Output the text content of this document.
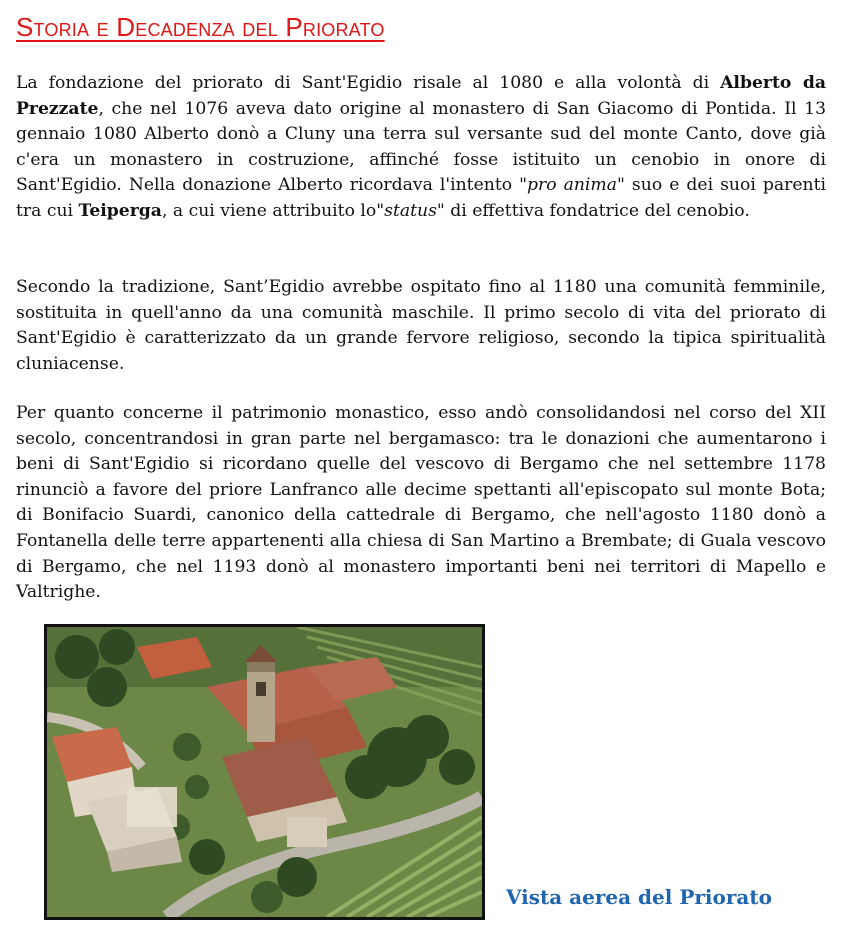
Storia e Decadenza del Priorato

La fondazione del priorato di Sant'Egidio risale al 1080 e alla volontà di Alberto da Prezzate, che nel 1076 aveva dato origine al monastero di San Giacomo di Pontida. Il 13 gennaio 1080 Alberto donò a Cluny una terra sul versante sud del monte Canto, dove già c'era un monastero in costruzione, affinché fosse istituito un cenobio in onore di Sant'Egidio. Nella donazione Alberto ricordava l'intento "pro anima" suo e dei suoi parenti tra cui Teiperga, a cui viene attribuito lo"status" di effettiva fondatrice del cenobio.

Secondo la tradizione, Sant’Egidio avrebbe ospitato fino al 1180 una comunità femminile, sostituita in quell'anno da una comunità maschile. Il primo secolo di vita del priorato di Sant'Egidio è caratterizzato da un grande fervore religioso, secondo la tipica spiritualità cluniacense.

Per quanto concerne il patrimonio monastico, esso andò consolidandosi nel corso del XII secolo, concentrandosi in gran parte nel bergamasco: tra le donazioni che aumentarono i beni di Sant'Egidio si ricordano quelle del vescovo di Bergamo che nel settembre 1178 rinunciò a favore del priore Lanfranco alle decime spettanti all'episcopato sul monte Bota; di Bonifacio Suardi, canonico della cattedrale di Bergamo, che nell'agosto 1180 donò a Fontanella delle terre appartenenti alla chiesa di San Martino a Brembate; di Guala vescovo di Bergamo, che nel 1193 donò al monastero importanti beni nei territori di Mapello e Valtrighe.

Vista aerea del Priorato
